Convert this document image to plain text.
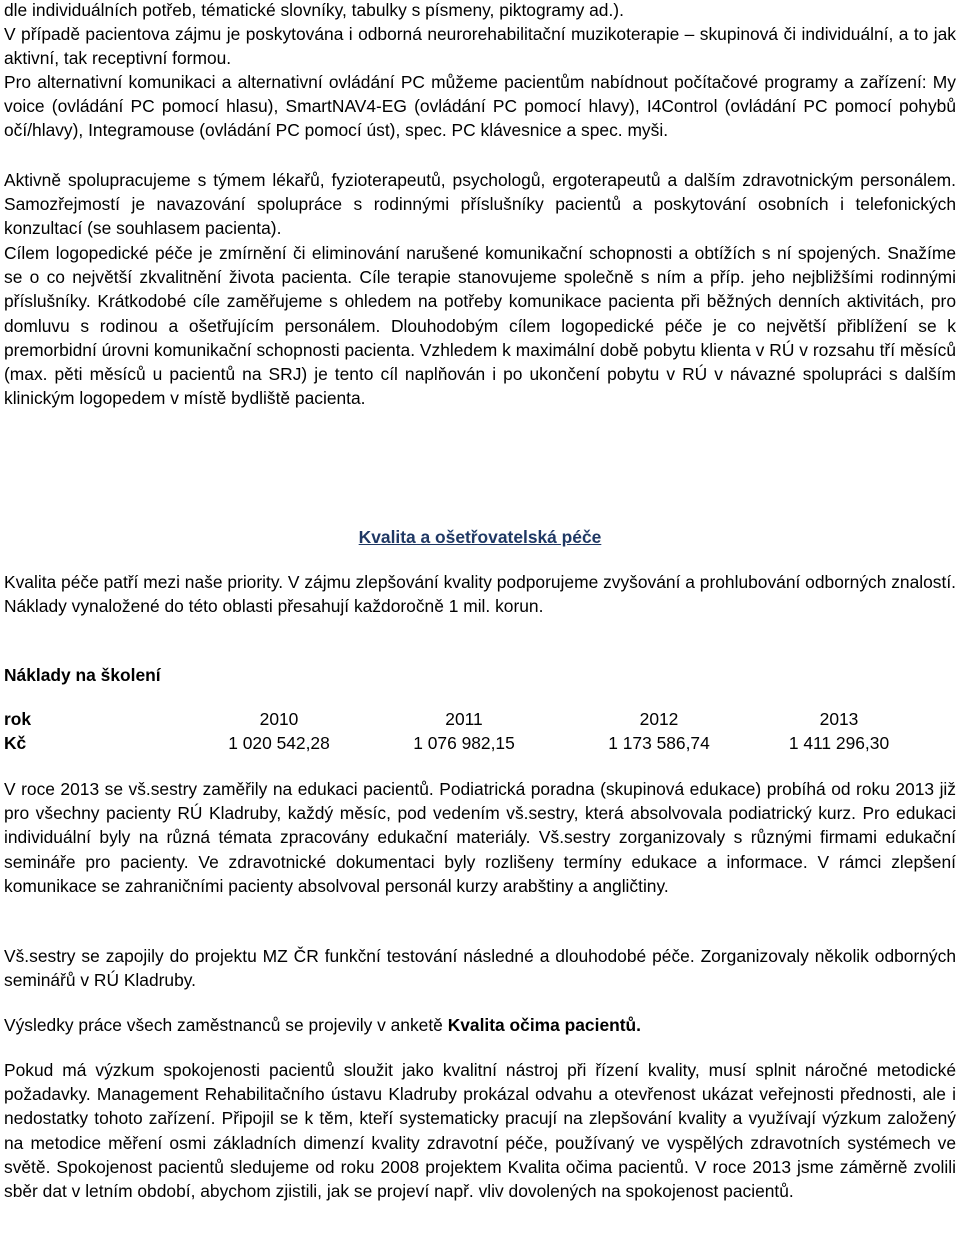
dle individuálních potřeb, tématické slovníky, tabulky s písmeny, piktogramy ad.).

V případě pacientova zájmu je poskytována i odborná neurorehabilitační muzikoterapie – skupinová či individuální, a to jak aktivní, tak receptivní formou.

Pro alternativní komunikaci a alternativní ovládání PC můžeme pacientům nabídnout počítačové programy a zařízení: My voice (ovládání PC pomocí hlasu), SmartNAV4-EG (ovládání PC pomocí hlavy), I4Control (ovládání PC pomocí pohybů očí/hlavy), Integramouse (ovládání PC pomocí úst), spec. PC klávesnice a spec. myši.

Aktivně spolupracujeme s týmem lékařů, fyzioterapeutů, psychologů, ergoterapeutů a dalším zdravotnickým personálem. Samozřejmostí je navazování spolupráce s rodinnými příslušníky pacientů a poskytování osobních i telefonických konzultací (se souhlasem pacienta).

Cílem logopedické péče je zmírnění či eliminování narušené komunikační schopnosti a obtížích s ní spojených. Snažíme se o co největší zkvalitnění života pacienta. Cíle terapie stanovujeme společně s ním a příp. jeho nejbližšími rodinnými příslušníky. Krátkodobé cíle zaměřujeme s ohledem na potřeby komunikace pacienta při běžných denních aktivitách, pro domluvu s rodinou a ošetřujícím personálem. Dlouhodobým cílem logopedické péče je co největší přiblížení se k premorbidní úrovni komunikační schopnosti pacienta. Vzhledem k maximální době pobytu klienta v RÚ v rozsahu tří měsíců (max. pěti měsíců u pacientů na SRJ) je tento cíl naplňován i po ukončení pobytu v RÚ v návazné spolupráci s dalším klinickým logopedem v místě bydliště pacienta.

Kvalita a ošetřovatelská péče

Kvalita péče patří mezi naše priority. V zájmu zlepšování kvality podporujeme zvyšování a prohlubování odborných znalostí. Náklady vynaložené do této oblasti přesahují každoročně 1 mil. korun.

Náklady na školení

rok	2010	2011	2012	2013
Kč	1 020 542,28	1 076 982,15	1 173 586,74	1 411 296,30

V roce 2013 se vš.sestry zaměřily na edukaci pacientů. Podiatrická poradna (skupinová edukace) probíhá od roku 2013 již pro všechny pacienty RÚ Kladruby, každý měsíc, pod vedením vš.sestry, která absolvovala podiatrický kurz. Pro edukaci individuální byly na různá témata zpracovány edukační materiály. Vš.sestry zorganizovaly s různými firmami edukační semináře pro pacienty. Ve zdravotnické dokumentaci byly rozlišeny termíny edukace a informace. V rámci zlepšení komunikace se zahraničními pacienty absolvoval personál kurzy arabštiny a angličtiny.

Vš.sestry se zapojily do projektu MZ ČR funkční testování následné a dlouhodobé péče. Zorganizovaly několik odborných seminářů v RÚ Kladruby.

Výsledky práce všech zaměstnanců se projevily v anketě Kvalita očima pacientů.

Pokud má výzkum spokojenosti pacientů sloužit jako kvalitní nástroj při řízení kvality, musí splnit náročné metodické požadavky. Management Rehabilitačního ústavu Kladruby prokázal odvahu a otevřenost ukázat veřejnosti přednosti, ale i nedostatky tohoto zařízení. Připojil se k těm, kteří systematicky pracují na zlepšování kvality a využívají výzkum založený na metodice měření osmi základních dimenzí kvality zdravotní péče, používaný ve vyspělých zdravotních systémech ve světě. Spokojenost pacientů sledujeme od roku 2008 projektem Kvalita očima pacientů. V roce 2013 jsme záměrně zvolili sběr dat v letním období, abychom zjistili, jak se projeví např. vliv dovolených na spokojenost pacientů.
